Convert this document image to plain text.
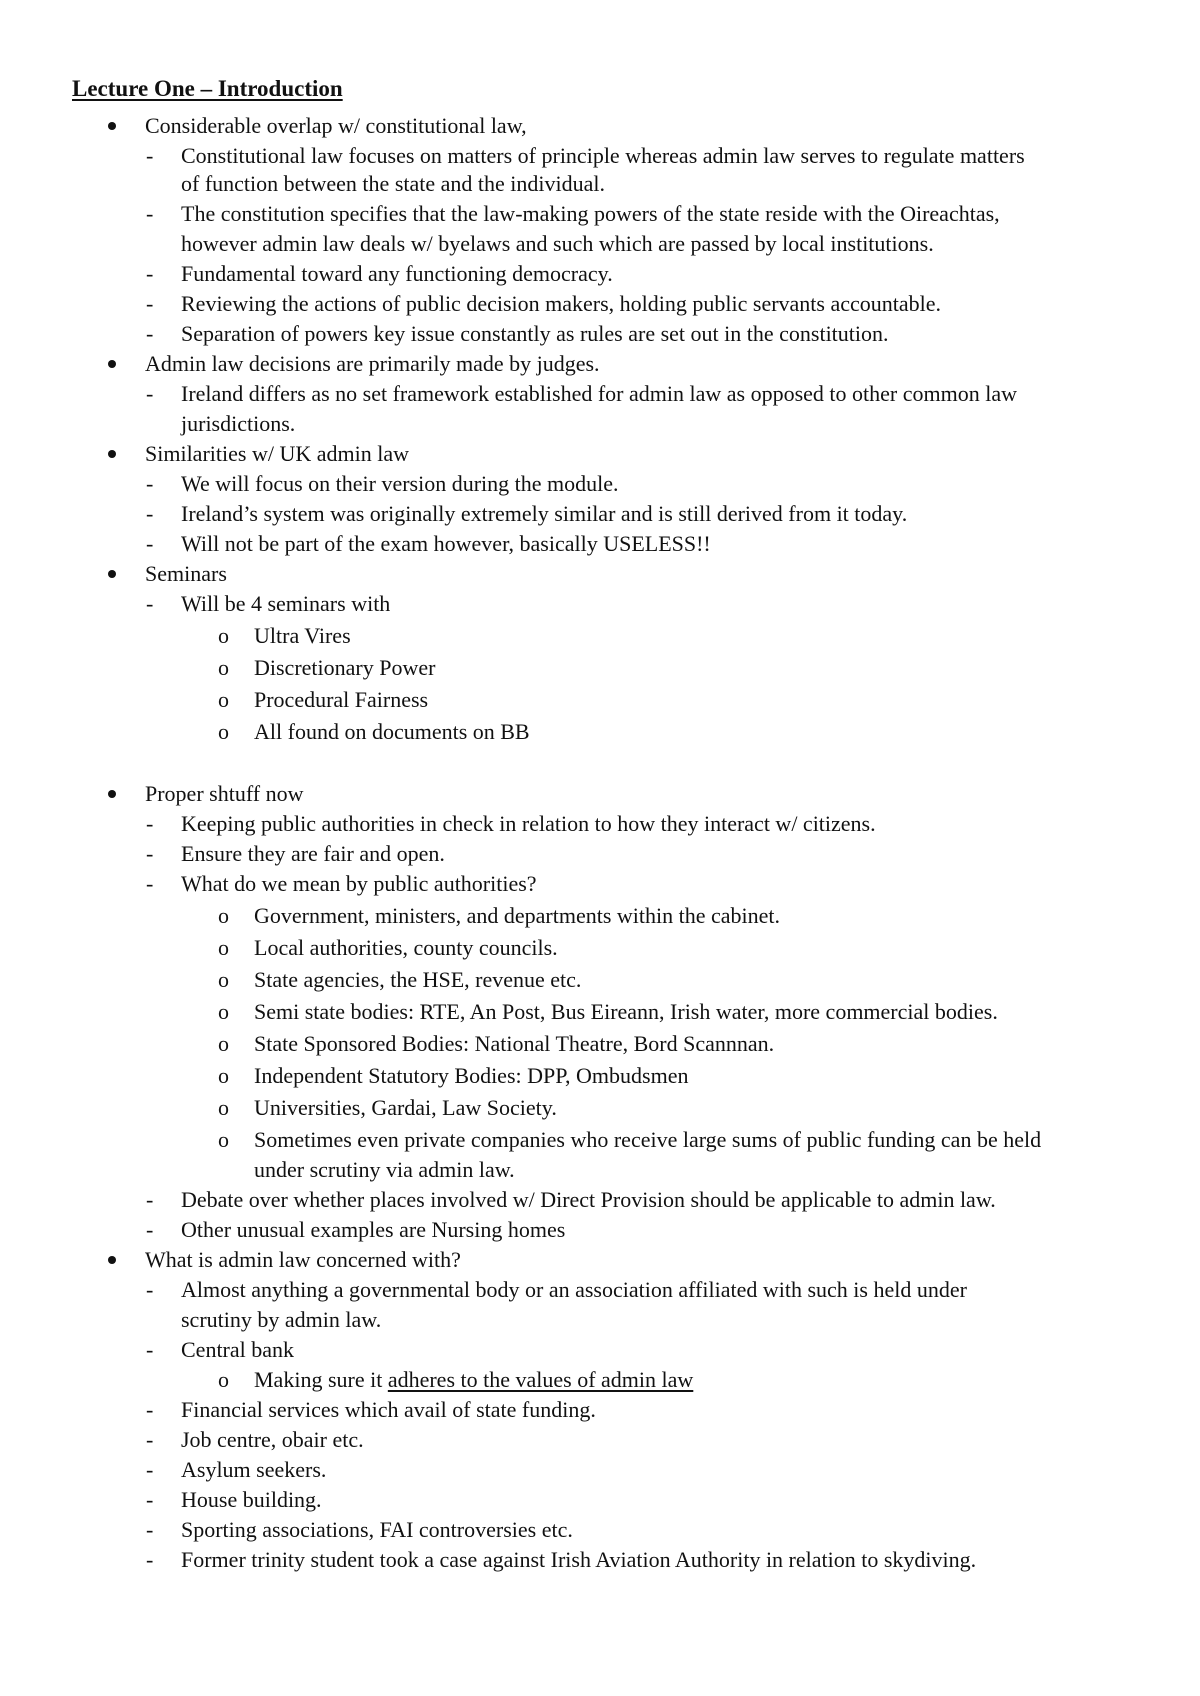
Lecture One – Introduction
Considerable overlap w/ constitutional law,
- Constitutional law focuses on matters of principle whereas admin law serves to regulate matters
of function between the state and the individual.
- The constitution specifies that the law-making powers of the state reside with the Oireachtas,
however admin law deals w/ byelaws and such which are passed by local institutions.
- Fundamental toward any functioning democracy.
- Reviewing the actions of public decision makers, holding public servants accountable.
- Separation of powers key issue constantly as rules are set out in the constitution.
Admin law decisions are primarily made by judges.
- Ireland differs as no set framework established for admin law as opposed to other common law
jurisdictions.
Similarities w/ UK admin law
- We will focus on their version during the module.
- Ireland’s system was originally extremely similar and is still derived from it today.
- Will not be part of the exam however, basically USELESS!!
Seminars
- Will be 4 seminars with
o Ultra Vires
o Discretionary Power
o Procedural Fairness
o All found on documents on BB
Proper shtuff now
- Keeping public authorities in check in relation to how they interact w/ citizens.
- Ensure they are fair and open.
- What do we mean by public authorities?
o Government, ministers, and departments within the cabinet.
o Local authorities, county councils.
o State agencies, the HSE, revenue etc.
o Semi state bodies: RTE, An Post, Bus Eireann, Irish water, more commercial bodies.
o State Sponsored Bodies: National Theatre, Bord Scannnan.
o Independent Statutory Bodies: DPP, Ombudsmen
o Universities, Gardai, Law Society.
o Sometimes even private companies who receive large sums of public funding can be held
under scrutiny via admin law.
- Debate over whether places involved w/ Direct Provision should be applicable to admin law.
- Other unusual examples are Nursing homes
What is admin law concerned with?
- Almost anything a governmental body or an association affiliated with such is held under
scrutiny by admin law.
- Central bank
o Making sure it adheres to the values of admin law
- Financial services which avail of state funding.
- Job centre, obair etc.
- Asylum seekers.
- House building.
- Sporting associations, FAI controversies etc.
- Former trinity student took a case against Irish Aviation Authority in relation to skydiving.
